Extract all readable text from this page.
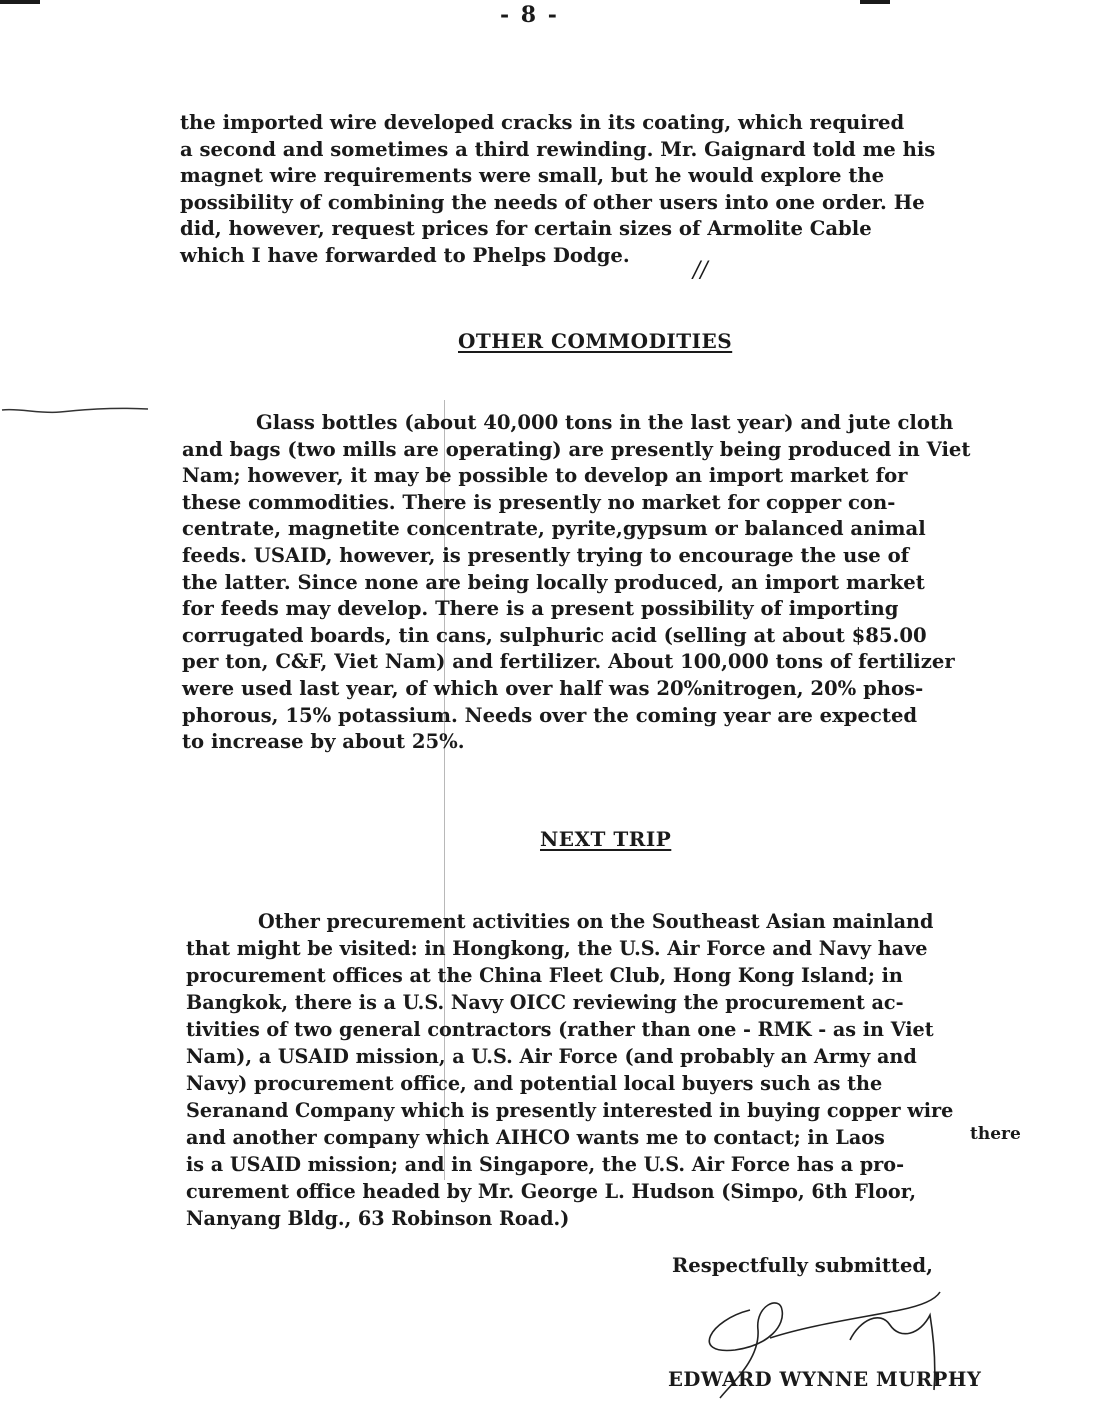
- 8 -
the imported wire developed cracks in its coating, which required
a second and sometimes a third rewinding. Mr. Gaignard told me his
magnet wire requirements were small, but he would explore the
possibility of combining the needs of other users into one order. He
did, however, request prices for certain sizes of Armolite Cable
which I have forwarded to Phelps Dodge.
//
OTHER COMMODITIES
Glass bottles (about 40,000 tons in the last year) and jute cloth
and bags (two mills are operating) are presently being produced in Viet
Nam; however, it may be possible to develop an import market for
these commodities. There is presently no market for copper con-
centrate, magnetite concentrate, pyrite,gypsum or balanced animal
feeds. USAID, however, is presently trying to encourage the use of
the latter. Since none are being locally produced, an import market
for feeds may develop. There is a present possibility of importing
corrugated boards, tin cans, sulphuric acid (selling at about $85.00
per ton, C&F, Viet Nam) and fertilizer. About 100,000 tons of fertilizer
were used last year, of which over half was 20%nitrogen, 20% phos-
phorous, 15% potassium. Needs over the coming year are expected
to increase by about 25%.
NEXT TRIP
Other precurement activities on the Southeast Asian mainland
that might be visited: in Hongkong, the U.S. Air Force and Navy have
procurement offices at the China Fleet Club, Hong Kong Island; in
Bangkok, there is a U.S. Navy OICC reviewing the procurement ac-
tivities of two general contractors (rather than one - RMK - as in Viet
Nam), a USAID mission, a U.S. Air Force (and probably an Army and
Navy) procurement office, and potential local buyers such as the
Seranand Company which is presently interested in buying copper wire
and another company which AIHCO wants me to contact; in Laos
is a USAID mission; and in Singapore, the U.S. Air Force has a pro-
curement office headed by Mr. George L. Hudson (Simpo, 6th Floor,
Nanyang Bldg., 63 Robinson Road.)
there
Respectfully submitted,
EDWARD WYNNE MURPHY
